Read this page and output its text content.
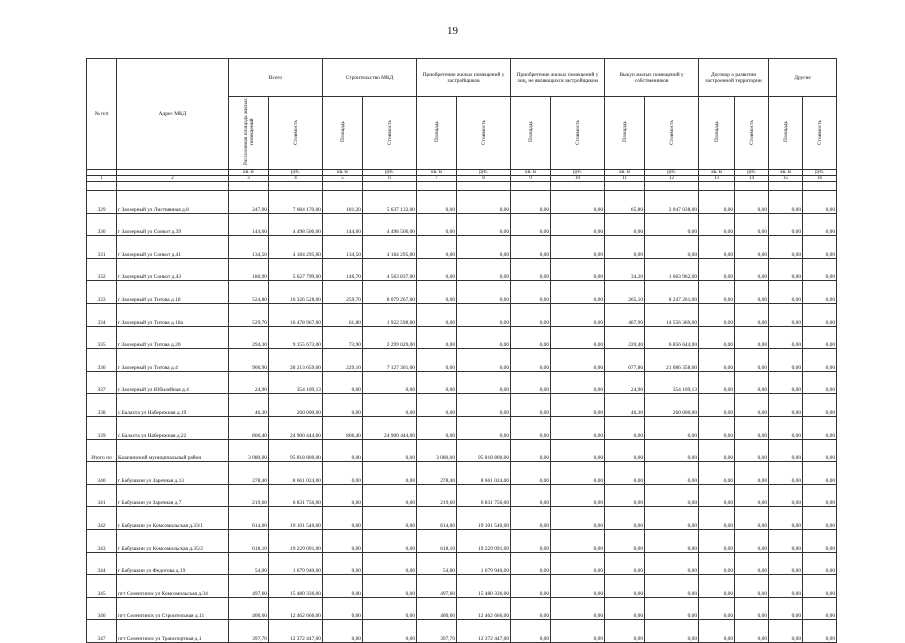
19
№ п/п	Адрес МКД	Всего		Строительство МКД		Приобретение жилых помещений у застройщиков		Приобретение жилых помещений у лиц, не являющихся застройщиком		Выкуп жилых помещений у собственников		Договор о развитии застроенной территории		Другие	
		Расселяемая площадь жилых помещений	Стоимость	Площадь	Стоимость	Площадь	Стоимость	Площадь	Стоимость	Площадь	Стоимость	Площадь	Стоимость	Площадь	Стоимость
		кв. м	руб.	кв. м	руб.	кв. м	руб.	кв. м	руб.	кв. м	руб.	кв. м	руб.	кв. м	руб.
1	2	3	4	5	6	7	8	9	10	11	12	13	14	15	16

329	г Заозерный ул Листвянная д.8	247,00	7 684 170,00	181,20	5 637 132,00	0,00	0,00	0,00	0,00	65,80	2 047 038,00	0,00	0,00	0,00	0,00
330	г Заозерный ул Сонкот д.39	144,60	4 498 506,00	144,60	4 498 506,00	0,00	0,00	0,00	0,00	0,00	0,00	0,00	0,00	0,00	0,00
331	г Заозерный ул Сонкот д.41	134,50	4 184 295,00	134,50	4 184 295,00	0,00	0,00	0,00	0,00	0,00	0,00	0,00	0,00	0,00	0,00
332	г Заозерный ул Сонкот д.43	180,90	5 627 799,00	146,70	4 563 837,00	0,00	0,00	0,00	0,00	34,20	1 063 962,00	0,00	0,00	0,00	0,00
333	г Заозерный ул Титова д.18	524,80	16 326 528,00	259,70	8 079 267,00	0,00	0,00	0,00	0,00	265,10	8 247 261,00	0,00	0,00	0,00	0,00
334	г Заозерный ул Титова д.18а	529,70	16 478 967,00	61,80	1 922 598,00	0,00	0,00	0,00	0,00	467,90	14 556 369,00	0,00	0,00	0,00	0,00
335	г Заозерный ул Титова д.20	294,30	9 155 673,00	73,90	2 299 029,00	0,00	0,00	0,00	0,00	220,40	6 856 644,00	0,00	0,00	0,00	0,00
336	г Заозерный ул Титова д.4	906,90	28 213 659,00	229,10	7 127 301,00	0,00	0,00	0,00	0,00	677,80	21 086 358,00	0,00	0,00	0,00	0,00
337	г Заозерный ул Юбилейная д.4	24,90	354 109,13	0,00	0,00	0,00	0,00	0,00	0,00	24,90	354 109,13	0,00	0,00	0,00	0,00
338	с Балахта ул Набережная д.19	46,30	260 000,00	0,00	0,00	0,00	0,00	0,00	0,00	46,30	260 000,00	0,00	0,00	0,00	0,00
339	с Балахта ул Набережная д.22	806,40	24 900 444,00	806,40	24 900 444,00	0,00	0,00	0,00	0,00	0,00	0,00	0,00	0,00	0,00	0,00
Итого по	Казачинский муниципальный район	3 080,00	95 818 800,00	0,00	0,00	3 080,00	95 818 800,00	0,00	0,00	0,00	0,00	0,00	0,00	0,00	0,00
340	г Бабушкин ул Заречная д.13	278,40	8 661 024,00	0,00	0,00	278,40	8 661 024,00	0,00	0,00	0,00	0,00	0,00	0,00	0,00	0,00
341	г Бабушкин ул Заречная д.7	219,60	6 831 756,00	0,00	0,00	219,60	6 831 756,00	0,00	0,00	0,00	0,00	0,00	0,00	0,00	0,00
342	г Бабушкин ул Комсомольская д.33/1	614,00	19 101 540,00	0,00	0,00	614,00	19 101 540,00	0,00	0,00	0,00	0,00	0,00	0,00	0,00	0,00
343	г Бабушкин ул Комсомольская д.35/2	618,10	19 229 091,00	0,00	0,00	618,10	19 229 091,00	0,00	0,00	0,00	0,00	0,00	0,00	0,00	0,00
344	г Бабушкин ул Федотова д.19	54,00	1 679 940,00	0,00	0,00	54,00	1 679 940,00	0,00	0,00	0,00	0,00	0,00	0,00	0,00	0,00
345	пгт Селенгинск ул Комсомольская д.34	497,60	15 480 336,00	0,00	0,00	497,60	15 480 336,00	0,00	0,00	0,00	0,00	0,00	0,00	0,00	0,00
346	пгт Селенгинск ул Строительная д.11	400,60	12 462 666,00	0,00	0,00	400,60	12 462 666,00	0,00	0,00	0,00	0,00	0,00	0,00	0,00	0,00
347	пгт Селенгинск ул Транспортная д.1	397,70	12 372 447,00	0,00	0,00	397,70	12 372 447,00	0,00	0,00	0,00	0,00	0,00	0,00	0,00	0,00
